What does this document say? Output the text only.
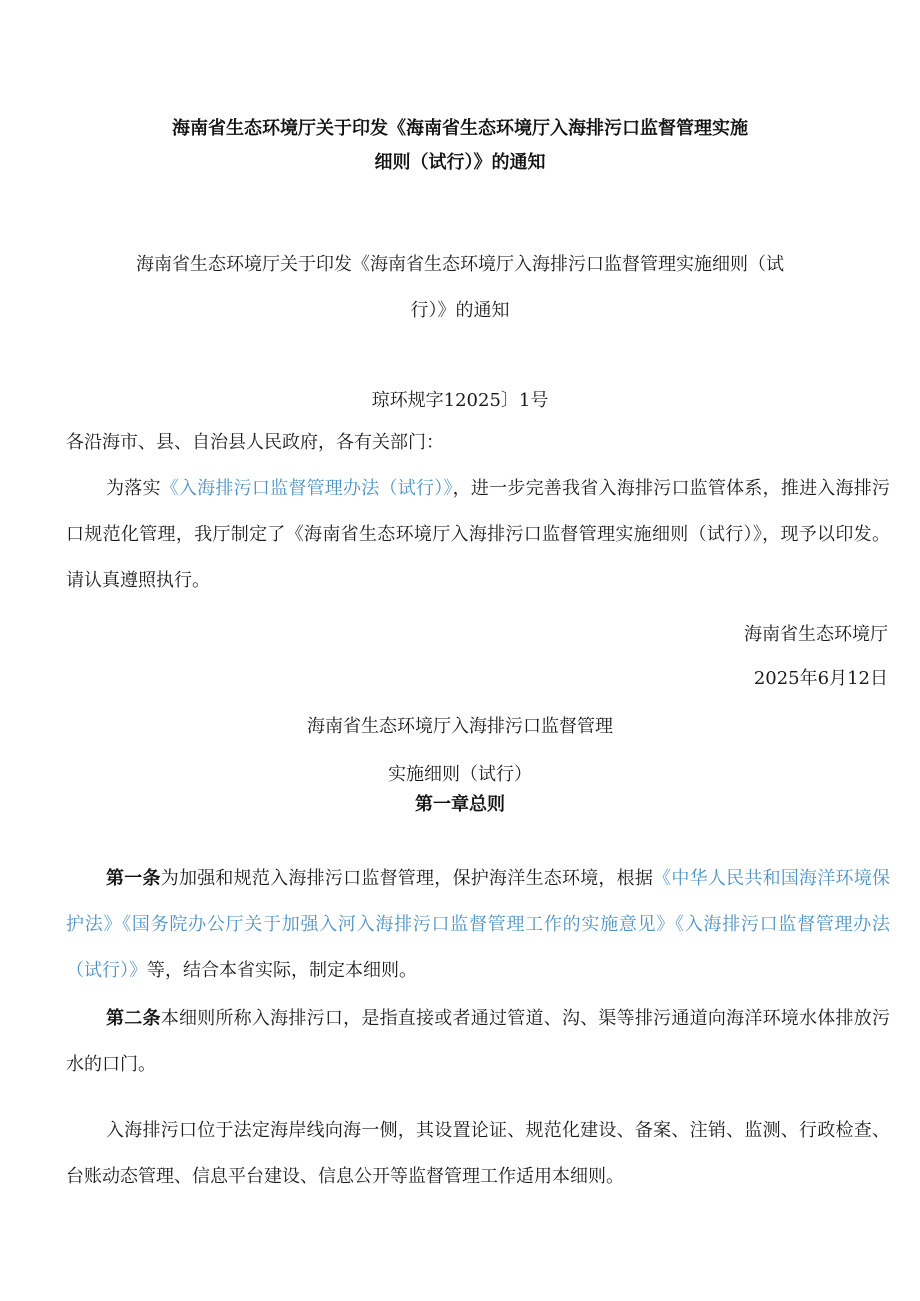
海南省生态环境厅关于印发《海南省生态环境厅入海排污口监督管理实施

细则（试行）》的通知

海南省生态环境厅关于印发《海南省生态环境厅入海排污口监督管理实施细则（试

行）》的通知

琼环规字12025〕1号

各沿海市、县、自治县人民政府，各有关部门：

为落实《入海排污口监督管理办法（试行）》，进一步完善我省入海排污口监管体系，推进入海排污口规范化管理，我厅制定了《海南省生态环境厅入海排污口监督管理实施细则（试行）》，现予以印发。请认真遵照执行。

海南省生态环境厅

2025年6月12日

海南省生态环境厅入海排污口监督管理

实施细则（试行）

第一章总则

第一条为加强和规范入海排污口监督管理，保护海洋生态环境，根据《中华人民共和国海洋环境保护法》《国务院办公厅关于加强入河入海排污口监督管理工作的实施意见》《入海排污口监督管理办法（试行）》等，结合本省实际，制定本细则。

第二条本细则所称入海排污口，是指直接或者通过管道、沟、渠等排污通道向海洋环境水体排放污水的口门。

入海排污口位于法定海岸线向海一侧，其设置论证、规范化建设、备案、注销、监测、行政检查、台账动态管理、信息平台建设、信息公开等监督管理工作适用本细则。
